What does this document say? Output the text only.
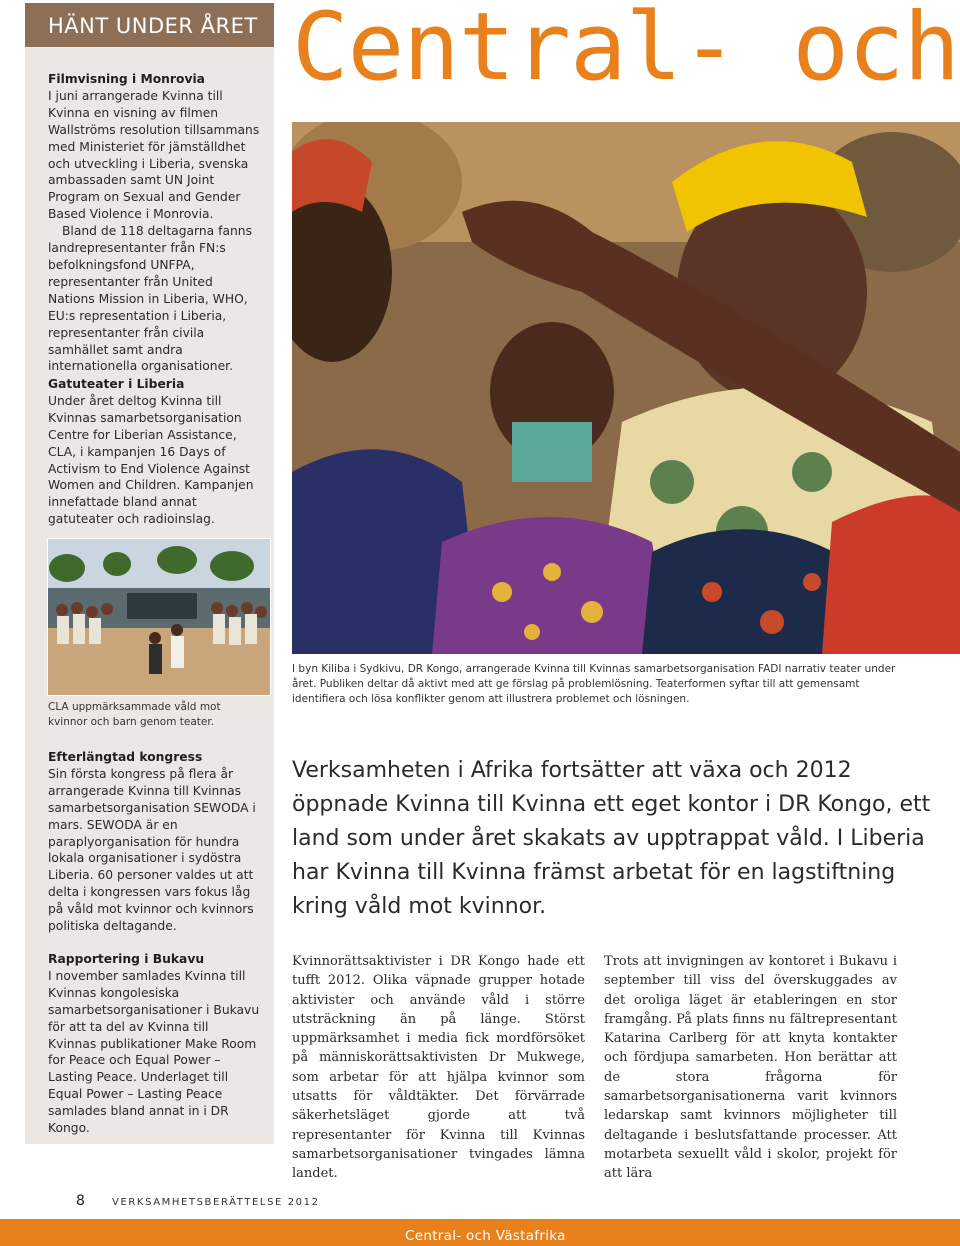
HÄNT UNDER ÅRET
Filmvisning i Monrovia

I juni arrangerade Kvinna till Kvinna en visning av filmen Wallströms resolution tillsammans med Ministeriet för jämställdhet och utveckling i Liberia, svenska ambassaden samt UN Joint Program on Sexual and Gender Based Violence i Monrovia.

Bland de 118 deltagarna fanns landrepresentanter från FN:s befolkningsfond UNFPA, representanter från United Nations Mission in Liberia, WHO, EU:s representation i Liberia, representanter från civila samhället samt andra internationella organisationer.

Gatuteater i Liberia

Under året deltog Kvinna till Kvinnas samarbetsorganisation Centre for Liberian Assistance, CLA, i kampanjen 16 Days of Activism to End Violence Against Women and Children. Kampanjen innefattade bland annat gatuteater och radioinslag.

CLA uppmärksammade våld mot kvinnor och barn genom teater.
Efterlängtad kongress

Sin första kongress på flera år arrangerade Kvinna till Kvinnas samarbetsorganisation SEWODA i mars. SEWODA är en paraplyorganisation för hundra lokala organisationer i sydöstra Liberia. 60 personer valdes ut att delta i kongressen vars fokus låg på våld mot kvinnor och kvinnors politiska deltagande.

Rapportering i Bukavu

I november samlades Kvinna till Kvinnas kongolesiska samarbetsorganisationer i Bukavu för att ta del av Kvinna till Kvinnas publikationer Make Room for Peace och Equal Power – Lasting Peace. Underlaget till Equal Power – Lasting Peace samlades bland annat in i DR Kongo.

Central- och
I byn Kiliba i Sydkivu, DR Kongo, arrangerade Kvinna till Kvinnas samarbetsorganisation FADI narrativ teater under året. Publiken deltar då aktivt med att ge förslag på problemlösning. Teaterformen syftar till att gemensamt identifiera och lösa konflikter genom att illustrera problemet och lösningen.
Verksamheten i Afrika fortsätter att växa och 2012 öppnade Kvinna till Kvinna ett eget kontor i DR Kongo, ett land som under året skakats av upptrappat våld. I Liberia har Kvinna till Kvinna främst arbetat för en lagstiftning kring våld mot kvinnor.

Kvinnorättsaktivister i DR Kongo hade ett tufft 2012. Olika väpnade grupper hotade aktivister och använde våld i större utsträckning än på länge. Störst uppmärksamhet i media fick mordförsöket på människorättsaktivisten Dr Mukwege, som arbetar för att hjälpa kvinnor som utsatts för våldtäkter. Det förvärrade säkerhetsläget gjorde att två representanter för Kvinna till Kvinnas samarbetsorganisationer tvingades lämna landet.

Trots att invigningen av kontoret i Bukavu i september till viss del överskuggades av det oroliga läget är etableringen en stor framgång. På plats finns nu fältrepresentant Katarina Carlberg för att knyta kontakter och fördjupa samarbeten. Hon berättar att de stora frågorna för samarbetsorganisationerna varit kvinnors ledarskap samt kvinnors möjligheter till deltagande i beslutsfattande processer. Att motarbeta sexuellt våld i skolor, projekt för att lära

8	VERKSAMHETSBERÄTTELSE 2012
Central- och Västafrika
